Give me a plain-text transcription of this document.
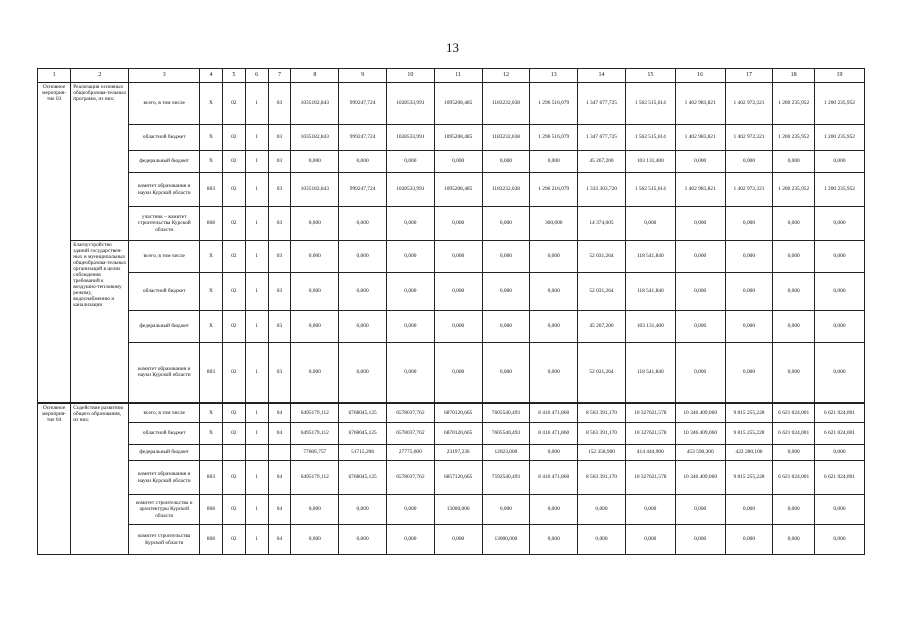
13
1	2	3	4	5	6	7	8	9	10	11	12	13	14	15	16	17	18	19
Основное мероприя-тие 03	Реализация основных общеобразова-тельных программ, из них:	всего, в том числе	Х	02	1	03	1035182,843	999247,724	1028533,991	1095208,485	1183232,038	1 296 516,079	1 347 677,725	1 562 515,614	1 402 983,821	1 402 972,321	1 200 235,952	1 200 235,952
		областной бюджет	Х	02	1	03	1035182,843	999247,724	1028533,991	1095208,485	1183232,038	1 296 516,079	1 347 677,725	1 562 515,614	1 402 983,821	1 402 972,321	1 200 235,952	1 200 235,952
		федеральный бюджет	Х	02	1	03	0,000	0,000	0,000	0,000	0,000	0,000	45 267,200	103 131,400	0,000	0,000	0,000	0,000
		комитет образования и науки Курской области	803	02	1	03	1035182,843	999247,724	1028533,991	1095208,485	1183232,038	1 296 216,079	1 333 303,720	1 562 515,614	1 402 983,821	1 402 972,321	1 200 235,952	1 200 235,952
		участник – комитет строительства Курской области	808	02	1	03	0,000	0,000	0,000	0,000	0,000	300,000	14 374,005	0,000	0,000	0,000	0,000	0,000
	Благоустройство зданий государствен-ных и муниципальных общеобразова-тельных организаций в целях соблюдения требований к воздушно-тепловому режиму, водоснабжению и канализации	всего, в том числе	Х	02	1	03	0,000	0,000	0,000	0,000	0,000	0,000	52 031,264	118 541,840	0,000	0,000	0,000	0,000
		областной бюджет	Х	02	1	03	0,000	0,000	0,000	0,000	0,000	0,000	52 031,264	118 541,840	0,000	0,000	0,000	0,000
		федеральный бюджет	Х	02	1	03	0,000	0,000	0,000	0,000	0,000	0,000	45 267,200	103 131,400	0,000	0,000	0,000	0,000
		комитет образования и науки Курской области	803	02	1	03	0,000	0,000	0,000	0,000	0,000	0,000	52 031,264	118 541,840	0,000	0,000	0,000	0,000
Основное мероприя-тие 04	Содействие развитию общего образования, из них:	всего, в том числе	Х	02	1	04	6495179,112	6768045,125	6578037,762	6870120,665	7605540,493	8 416 471,860	8 563 391,170	10 327621,578	10 346 409,060	9 815 255,228	6 621 024,001	6 621 024,001
		областной бюджет	Х	02	1	04	6495179,112	6768045,125	6578037,762	6870120,665	7605540,493	8 416 471,860	8 563 391,170	10 327621,578	10 346 409,060	9 815 255,228	6 621 024,001	6 621 024,001
		федеральный бюджет					77606,757	51715,206	27775,600	23197,236	12023,000	0,000	152 358,900	414 444,900	453 590,300	422 280,100	0,000	0,000
		комитет образования и науки Курской области	803	02	1	04	6495179,112	6768045,125	6578037,762	6857120,665	7592540,493	8 416 471,860	8 563 391,170	10 327621,578	10 346 409,060	9 815 255,228	6 621 024,001	6 621 024,001
		комитет строительства и архитектуры Курской области	808	02	1	04	0,000	0,000	0,000	13000,000	0,000	0,000	0,000	0,000	0,000	0,000	0,000	0,000
		комитет строительства Курской области	808	02	1	04	0,000	0,000	0,000	0,000	13000,000	0,000	0,000	0,000	0,000	0,000	0,000	0,000
